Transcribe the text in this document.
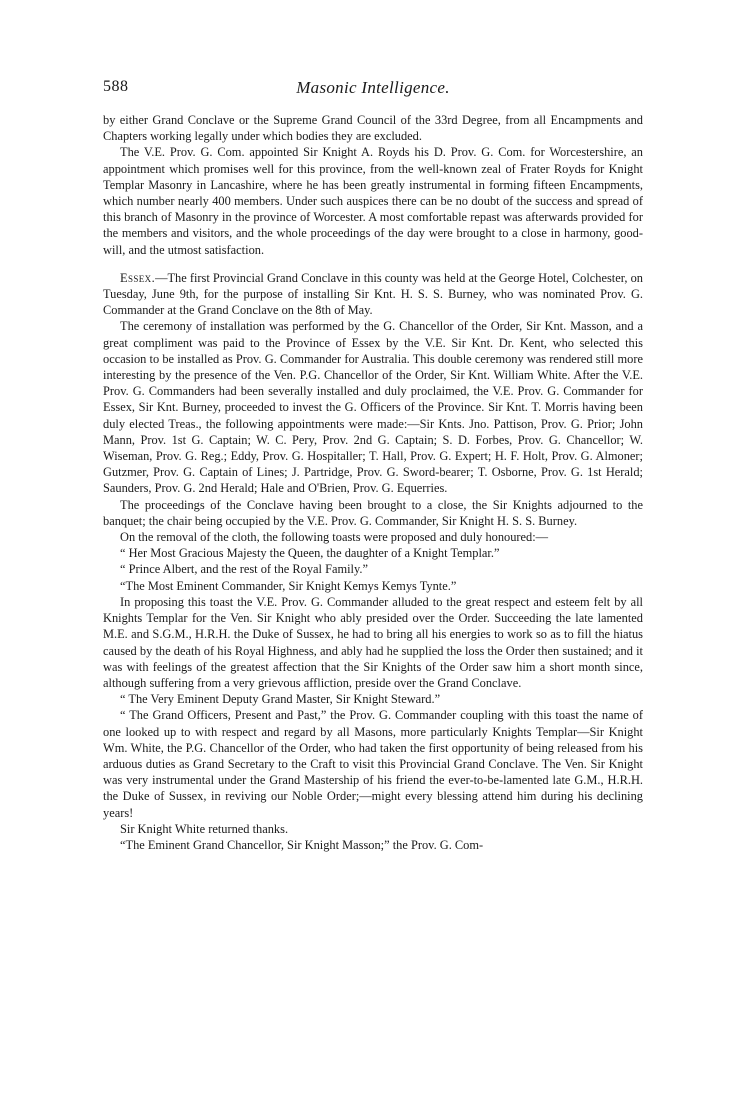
588	Masonic Intelligence.

by either Grand Conclave or the Supreme Grand Council of the 33rd Degree, from all Encampments and Chapters working legally under which bodies they are excluded.

The V.E. Prov. G. Com. appointed Sir Knight A. Royds his D. Prov. G. Com. for Worcestershire, an appointment which promises well for this province, from the well-known zeal of Frater Royds for Knight Templar Masonry in Lancashire, where he has been greatly instrumental in forming fifteen Encampments, which number nearly 400 members. Under such auspices there can be no doubt of the success and spread of this branch of Masonry in the province of Worcester. A most comfortable repast was afterwards provided for the members and visitors, and the whole proceedings of the day were brought to a close in harmony, good-will, and the utmost satisfaction.

Essex.—The first Provincial Grand Conclave in this county was held at the George Hotel, Colchester, on Tuesday, June 9th, for the purpose of installing Sir Knt. H. S. S. Burney, who was nominated Prov. G. Commander at the Grand Conclave on the 8th of May.

The ceremony of installation was performed by the G. Chancellor of the Order, Sir Knt. Masson, and a great compliment was paid to the Province of Essex by the V.E. Sir Knt. Dr. Kent, who selected this occasion to be installed as Prov. G. Commander for Australia. This double ceremony was rendered still more interesting by the presence of the Ven. P.G. Chancellor of the Order, Sir Knt. William White. After the V.E. Prov. G. Commanders had been severally installed and duly proclaimed, the V.E. Prov. G. Commander for Essex, Sir Knt. Burney, proceeded to invest the G. Officers of the Province. Sir Knt. T. Morris having been duly elected Treas., the following appointments were made:—Sir Knts. Jno. Pattison, Prov. G. Prior; John Mann, Prov. 1st G. Captain; W. C. Pery, Prov. 2nd G. Captain; S. D. Forbes, Prov. G. Chancellor; W. Wiseman, Prov. G. Reg.; Eddy, Prov. G. Hospitaller; T. Hall, Prov. G. Expert; H. F. Holt, Prov. G. Almoner; Gutzmer, Prov. G. Captain of Lines; J. Partridge, Prov. G. Sword-bearer; T. Osborne, Prov. G. 1st Herald; Saunders, Prov. G. 2nd Herald; Hale and O'Brien, Prov. G. Equerries.

The proceedings of the Conclave having been brought to a close, the Sir Knights adjourned to the banquet; the chair being occupied by the V.E. Prov. G. Commander, Sir Knight H. S. S. Burney.

On the removal of the cloth, the following toasts were proposed and duly honoured:—

“ Her Most Gracious Majesty the Queen, the daughter of a Knight Templar.”

“ Prince Albert, and the rest of the Royal Family.”

“The Most Eminent Commander, Sir Knight Kemys Kemys Tynte.”

In proposing this toast the V.E. Prov. G. Commander alluded to the great respect and esteem felt by all Knights Templar for the Ven. Sir Knight who ably presided over the Order. Succeeding the late lamented M.E. and S.G.M., H.R.H. the Duke of Sussex, he had to bring all his energies to work so as to fill the hiatus caused by the death of his Royal Highness, and ably had he supplied the loss the Order then sustained; and it was with feelings of the greatest affection that the Sir Knights of the Order saw him a short month since, although suffering from a very grievous affliction, preside over the Grand Conclave.

“ The Very Eminent Deputy Grand Master, Sir Knight Steward.”

“ The Grand Officers, Present and Past,” the Prov. G. Commander coupling with this toast the name of one looked up to with respect and regard by all Masons, more particularly Knights Templar—Sir Knight Wm. White, the P.G. Chancellor of the Order, who had taken the first opportunity of being released from his arduous duties as Grand Secretary to the Craft to visit this Provincial Grand Conclave. The Ven. Sir Knight was very instrumental under the Grand Mastership of his friend the ever-to-be-lamented late G.M., H.R.H. the Duke of Sussex, in reviving our Noble Order;—might every blessing attend him during his declining years!

Sir Knight White returned thanks.

“The Eminent Grand Chancellor, Sir Knight Masson;” the Prov. G. Com-
